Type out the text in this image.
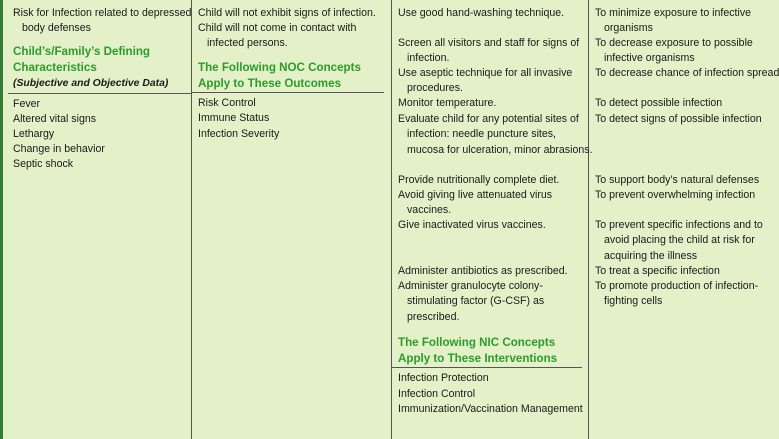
Risk for Infection related to depressed body defenses
Child’s/Family’s Defining Characteristics
(Subjective and Objective Data)
Fever
Altered vital signs
Lethargy
Change in behavior
Septic shock
Child will not exhibit signs of infection.
Child will not come in contact with infected persons.
The Following NOC Concepts Apply to These Outcomes
Risk Control
Immune Status
Infection Severity
Use good hand-washing technique.
Screen all visitors and staff for signs of infection.
Use aseptic technique for all invasive procedures.
Monitor temperature.
Evaluate child for any potential sites of infection: needle puncture sites, mucosa for ulceration, minor abrasions.
Provide nutritionally complete diet.
Avoid giving live attenuated virus vaccines.
Give inactivated virus vaccines.
Administer antibiotics as prescribed.
Administer granulocyte colony-stimulating factor (G-CSF) as prescribed.
The Following NIC Concepts Apply to These Interventions
Infection Protection
Infection Control
Immunization/Vaccination Management
To minimize exposure to infective organisms
To decrease exposure to possible infective organisms
To decrease chance of infection spread
To detect possible infection
To detect signs of possible infection
To support body’s natural defenses
To prevent overwhelming infection
To prevent specific infections and to avoid placing the child at risk for acquiring the illness
To treat a specific infection
To promote production of infection-fighting cells
